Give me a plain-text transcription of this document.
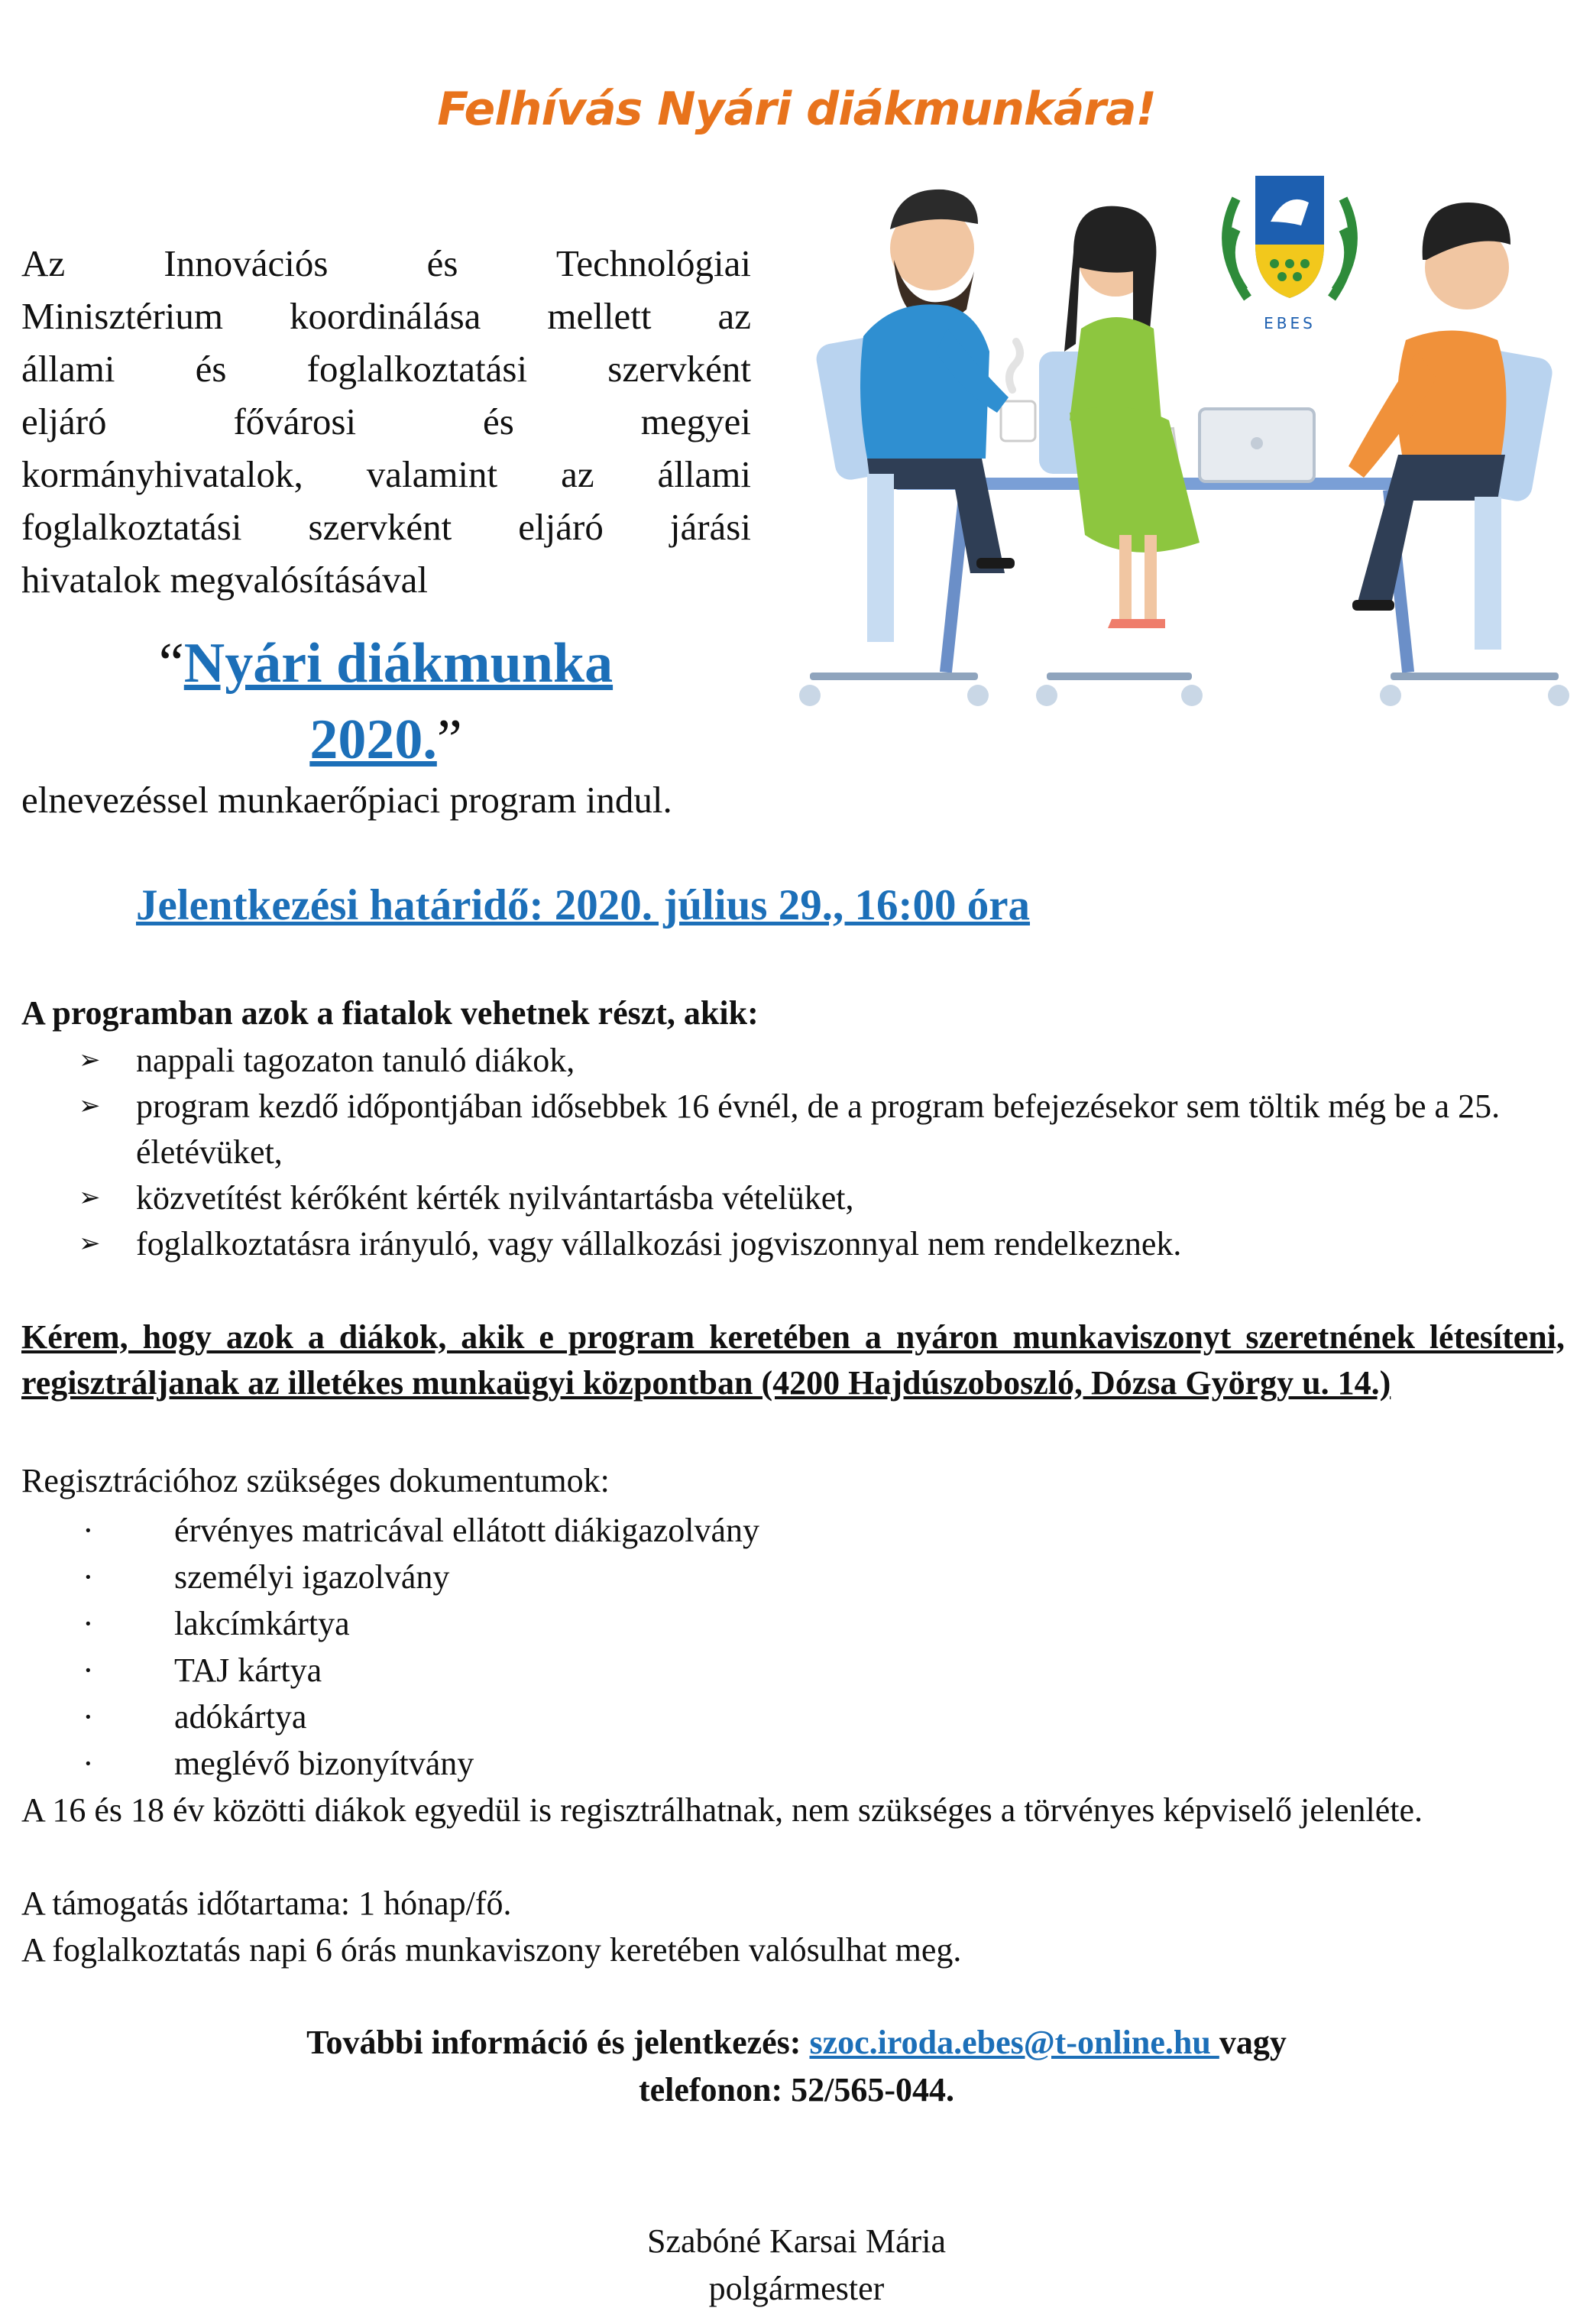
Felhívás Nyári diákmunkára!
EBES
Az Innovációs és Technológiai
Minisztérium koordinálása mellett az
állami és foglalkoztatási szervként
eljáró fővárosi és megyei
kormányhivatalok, valamint az állami
foglalkoztatási szervként eljáró járási
hivatalok megvalósításával
“Nyári diákmunka
2020.”
elnevezéssel munkaerőpiaci program indul.
Jelentkezési határidő: 2020. július 29., 16:00 óra
A programban azok a fiatalok vehetnek részt, akik:
➢ nappali tagozaton tanuló diákok,
➢ program kezdő időpontjában idősebbek 16 évnél, de a program befejezésekor sem töltik még be a 25. életévüket,
➢ közvetítést kérőként kérték nyilvántartásba vételüket,
➢ foglalkoztatásra irányuló, vagy vállalkozási jogviszonnyal nem rendelkeznek.
Kérem, hogy azok a diákok, akik e program keretében a nyáron munkaviszonyt szeretnének létesíteni, regisztráljanak az illetékes munkaügyi központban (4200 Hajdúszoboszló, Dózsa György u. 14.)
Regisztrációhoz szükséges dokumentumok:
· érvényes matricával ellátott diákigazolvány
· személyi igazolvány
· lakcímkártya
· TAJ kártya
· adókártya
· meglévő bizonyítvány
A 16 és 18 év közötti diákok egyedül is regisztrálhatnak, nem szükséges a törvényes képviselő jelenléte.
A támogatás időtartama: 1 hónap/fő.
A foglalkoztatás napi 6 órás munkaviszony keretében valósulhat meg.
További információ és jelentkezés: szoc.iroda.ebes@t-online.hu vagy
telefonon: 52/565-044.
Szabóné Karsai Mária
polgármester
